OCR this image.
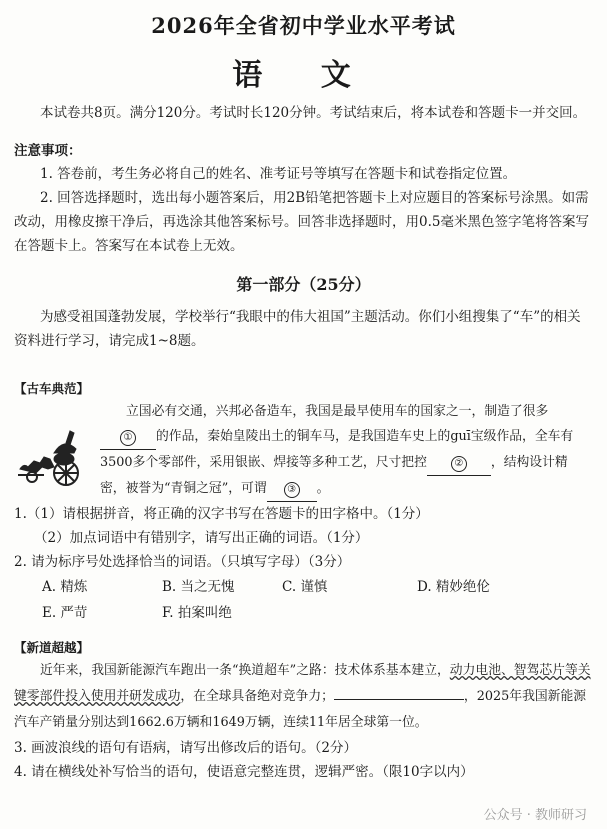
2026年全省初中学业水平考试
语 文

本试卷共8页。满分120分。考试时长120分钟。考试结束后，将本试卷和答题卡一并交回。

注意事项：

1. 答卷前，考生务必将自己的姓名、准考证号等填写在答题卡和试卷指定位置。

2. 回答选择题时，选出每小题答案后，用2B铅笔把答题卡上对应题目的答案标号涂黑。如需改动，用橡皮擦干净后，再选涂其他答案标号。回答非选择题时，用0.5毫米黑色签字笔将答案写在答题卡上。答案写在本试卷上无效。

第一部分（25分）

为感受祖国蓬勃发展，学校举行“我眼中的伟大祖国”主题活动。你们小组搜集了“车”的相关资料进行学习，请完成1~8题。

【古车典范】

立国必有交通，兴邦必备造车，我国是最早使用车的国家之一，制造了很多① 的作品，秦始皇陵出土的铜车马，是我国造车史上的guī宝级作品，全车有3500多个零部件，采用银嵌、焊接等多种工艺，尺寸把控	② ，结构设计精密，被誉为“青铜之冠”，可谓 ③ 。

1.（1）请根据拼音，将正确的汉字书写在答题卡的田字格中。（1分）

（2）加点词语中有错别字，请写出正确的词语。（1分）

2. 请为标序号处选择恰当的词语。（只填写字母）（3分）

A. 精炼	B. 当之无愧	C. 谨慎	D. 精妙绝伦
E. 严苛	F. 拍案叫绝

【新道超越】

近年来，我国新能源汽车跑出一条“换道超车”之路：技术体系基本建立，动力电池、智驾芯片等关键零部件投入使用并研发成功，在全球具备绝对竞争力；	，2025年我国新能源汽车产销量分别达到1662.6万辆和1649万辆，连续11年居全球第一位。

3. 画波浪线的语句有语病，请写出修改后的语句。（2分）

4. 请在横线处补写恰当的语句，使语意完整连贯，逻辑严密。（限10字以内）

公众号 · 教师研习
